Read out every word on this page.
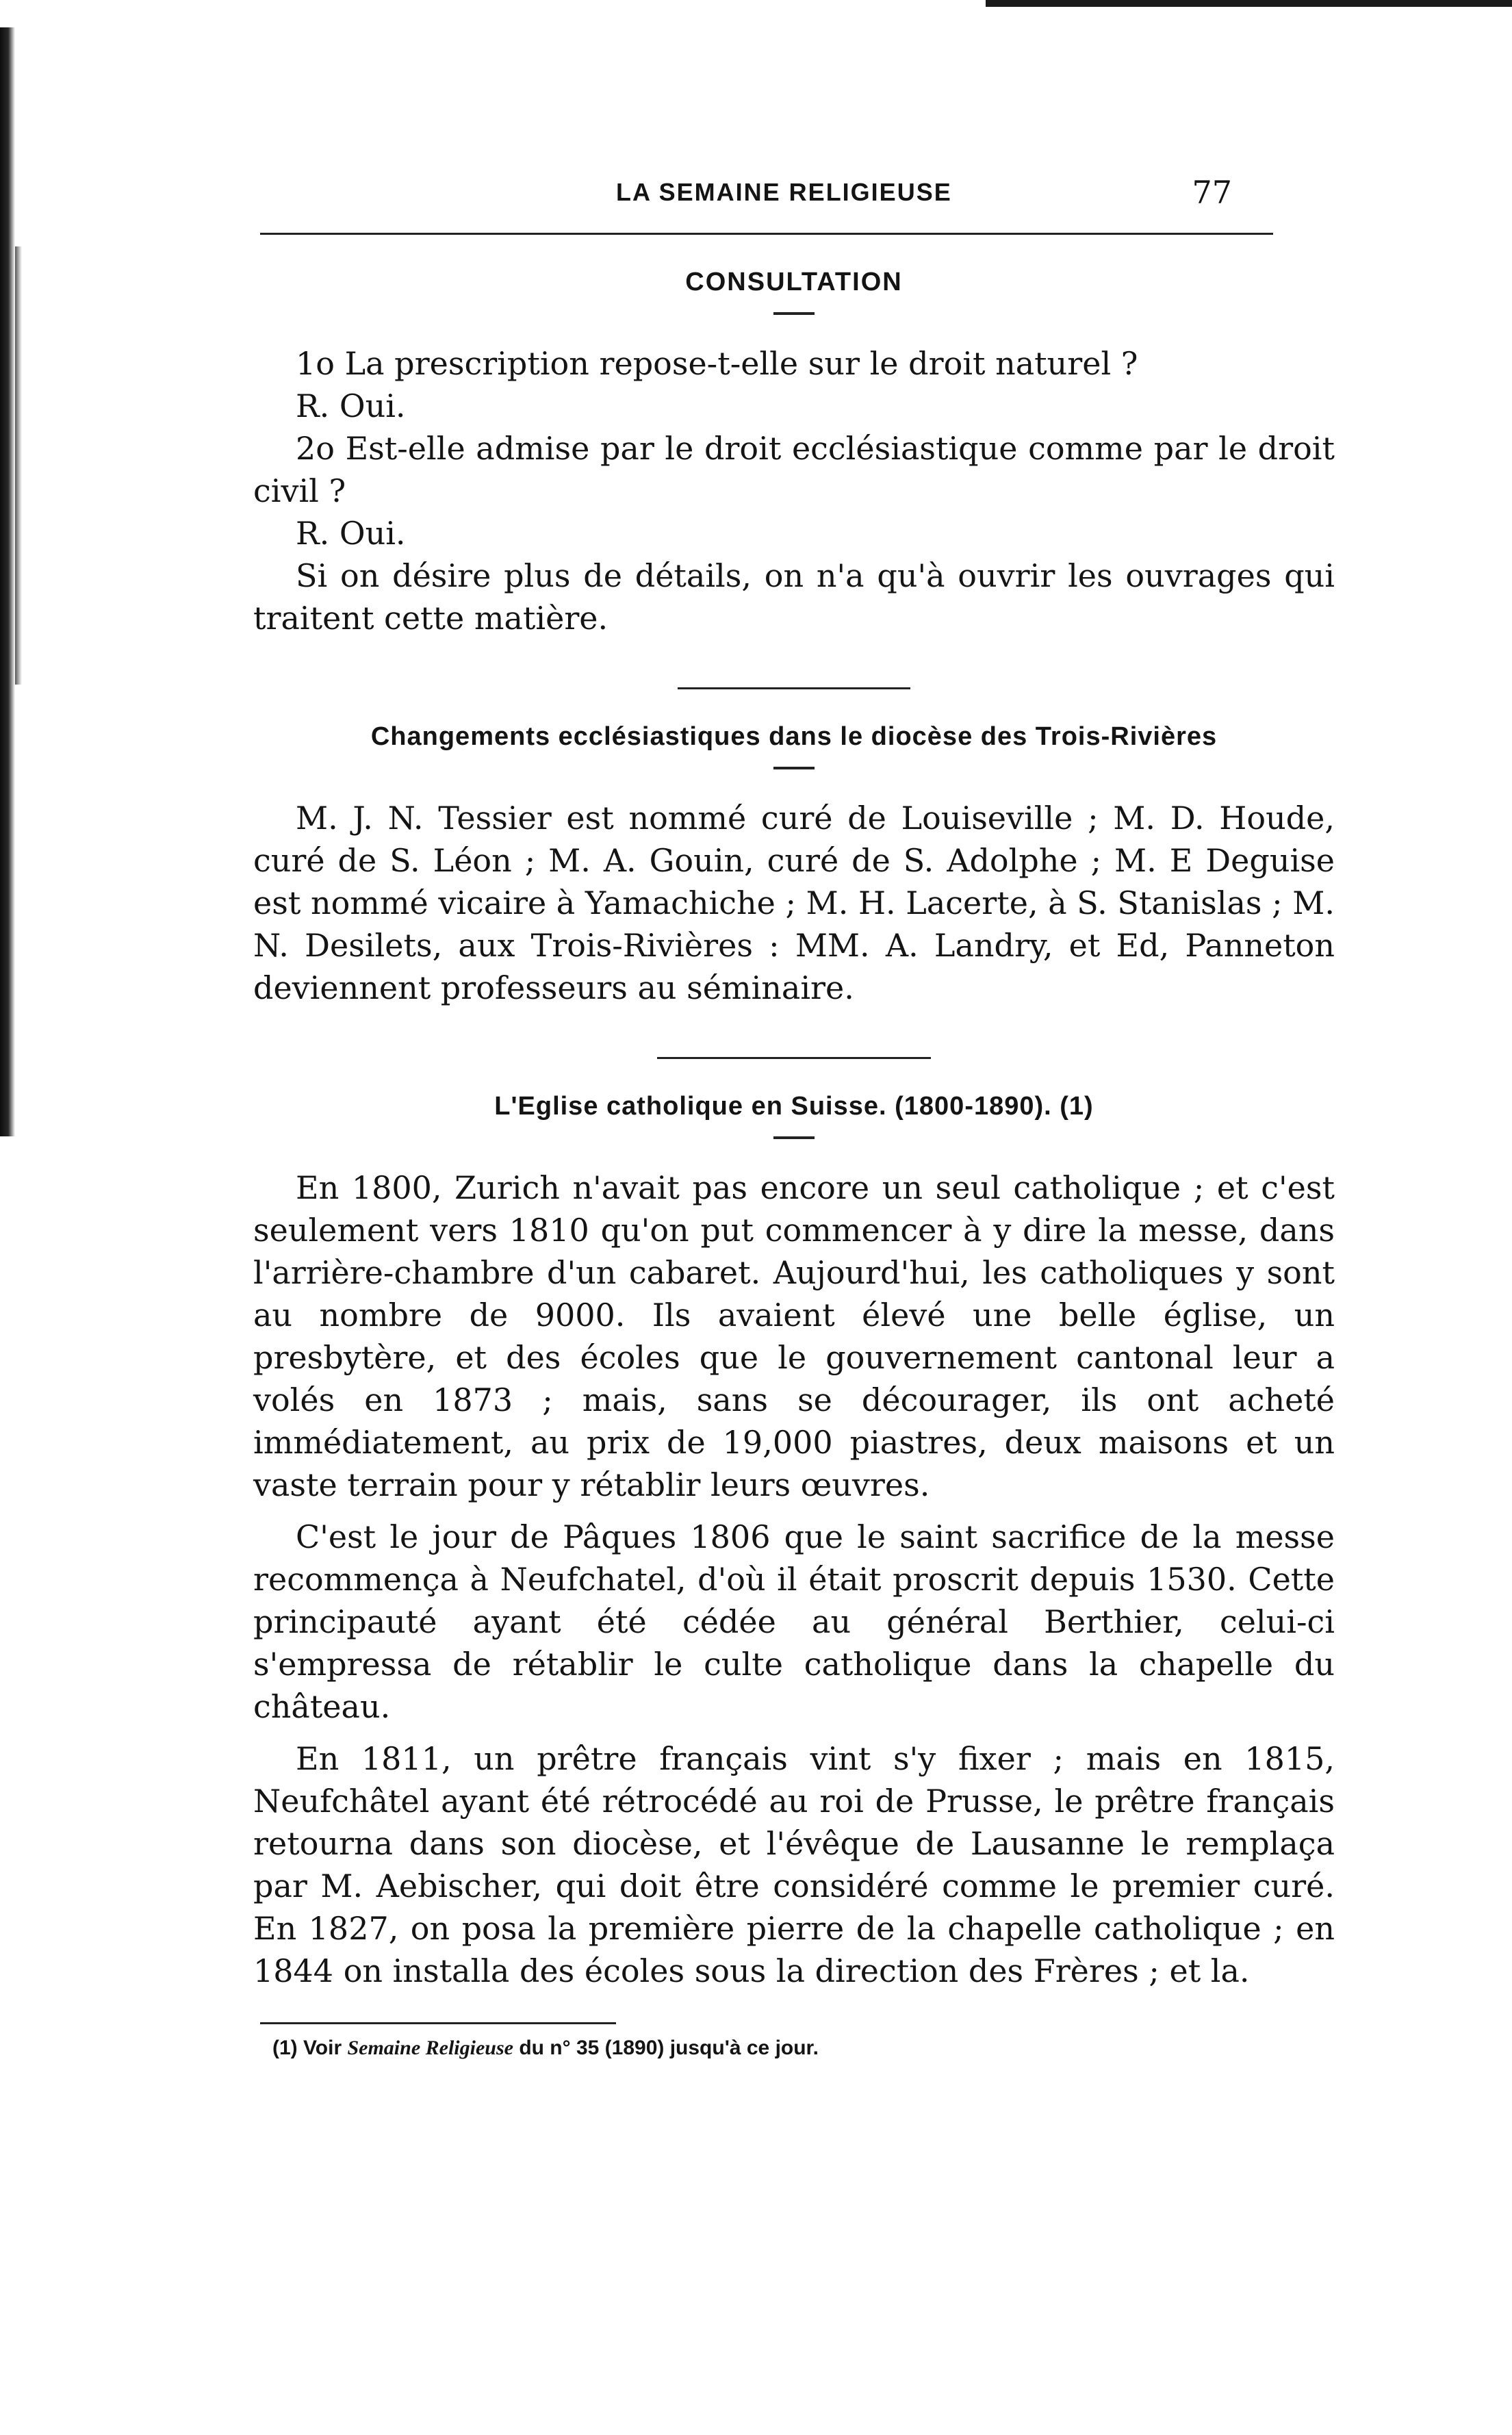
LA SEMAINE RELIGIEUSE	77
CONSULTATION

1o La prescription repose-t-elle sur le droit naturel ?

R. Oui.

2o Est-elle admise par le droit ecclésiastique comme par le droit civil ?

R. Oui.

Si on désire plus de détails, on n'a qu'à ouvrir les ouvrages qui traitent cette matière.

Changements ecclésiastiques dans le diocèse des Trois-Rivières

M. J. N. Tessier est nommé curé de Louiseville ; M. D. Houde, curé de S. Léon ; M. A. Gouin, curé de S. Adolphe ; M. E Deguise est nommé vicaire à Yamachiche ; M. H. Lacerte, à S. Stanislas ; M. N. Desilets, aux Trois-Rivières : MM. A. Landry, et Ed, Panneton deviennent professeurs au séminaire.

L'Eglise catholique en Suisse. (1800-1890). (1)

En 1800, Zurich n'avait pas encore un seul catholique ; et c'est seulement vers 1810 qu'on put commencer à y dire la messe, dans l'arrière-chambre d'un cabaret. Aujourd'hui, les catholiques y sont au nombre de 9000. Ils avaient élevé une belle église, un presbytère, et des écoles que le gouvernement cantonal leur a volés en 1873 ; mais, sans se décourager, ils ont acheté immédiatement, au prix de 19,000 piastres, deux maisons et un vaste terrain pour y rétablir leurs œuvres.

C'est le jour de Pâques 1806 que le saint sacrifice de la messe recommença à Neufchatel, d'où il était proscrit depuis 1530. Cette principauté ayant été cédée au général Berthier, celui-ci s'empressa de rétablir le culte catholique dans la chapelle du château.

En 1811, un prêtre français vint s'y fixer ; mais en 1815, Neufchâtel ayant été rétrocédé au roi de Prusse, le prêtre français retourna dans son diocèse, et l'évêque de Lausanne le remplaça par M. Aebischer, qui doit être considéré comme le premier curé. En 1827, on posa la première pierre de la chapelle catholique ; en 1844 on installa des écoles sous la direction des Frères ; et la.

(1) Voir Semaine Religieuse du n° 35 (1890) jusqu'à ce jour.
